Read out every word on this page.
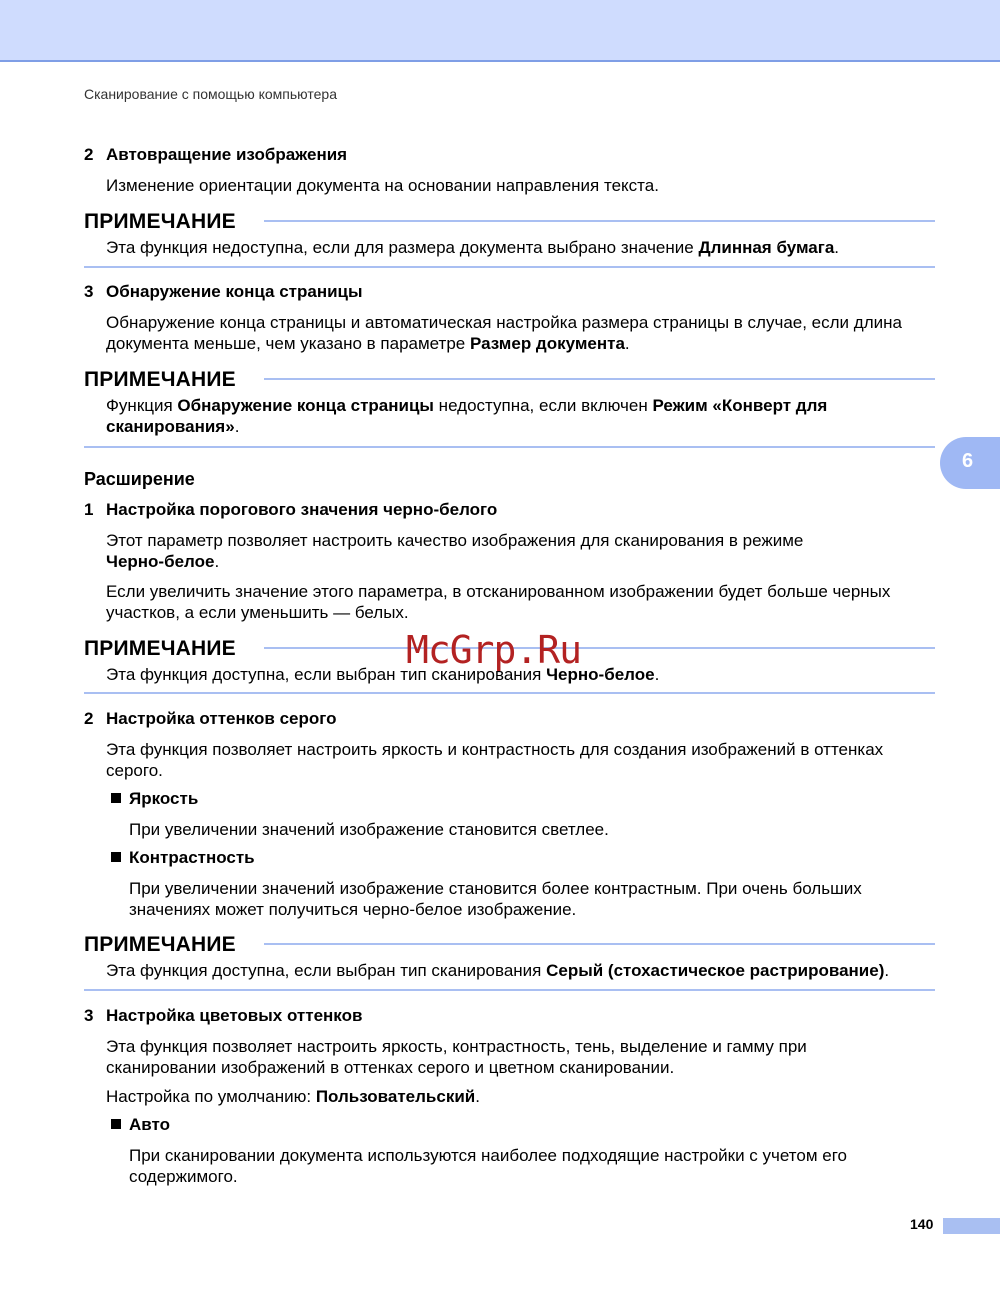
Сканирование с помощью компьютера
6
2 Автовращение изображения
Изменение ориентации документа на основании направления текста.
ПРИМЕЧАНИЕ
Эта функция недоступна, если для размера документа выбрано значение Длинная бумага.
3 Обнаружение конца страницы
Обнаружение конца страницы и автоматическая настройка размера страницы в случае, если длина
документа меньше, чем указано в параметре Размер документа.
ПРИМЕЧАНИЕ
Функция Обнаружение конца страницы недоступна, если включен Режим «Конверт для
сканирования».
Расширение
1 Настройка порогового значения черно-белого
Этот параметр позволяет настроить качество изображения для сканирования в режиме
Черно-белое.
Если увеличить значение этого параметра, в отсканированном изображении будет больше черных
участков, а если уменьшить — белых.
ПРИМЕЧАНИЕ
Эта функция доступна, если выбран тип сканирования Черно-белое.
McGrp.Ru
2 Настройка оттенков серого
Эта функция позволяет настроить яркость и контрастность для создания изображений в оттенках
серого.
Яркость
При увеличении значений изображение становится светлее.
Контрастность
При увеличении значений изображение становится более контрастным. При очень больших
значениях может получиться черно-белое изображение.
ПРИМЕЧАНИЕ
Эта функция доступна, если выбран тип сканирования Серый (стохастическое растрирование).
3 Настройка цветовых оттенков
Эта функция позволяет настроить яркость, контрастность, тень, выделение и гамму при
сканировании изображений в оттенках серого и цветном сканировании.
Настройка по умолчанию: Пользовательский.
Авто
При сканировании документа используются наиболее подходящие настройки с учетом его
содержимого.
140
